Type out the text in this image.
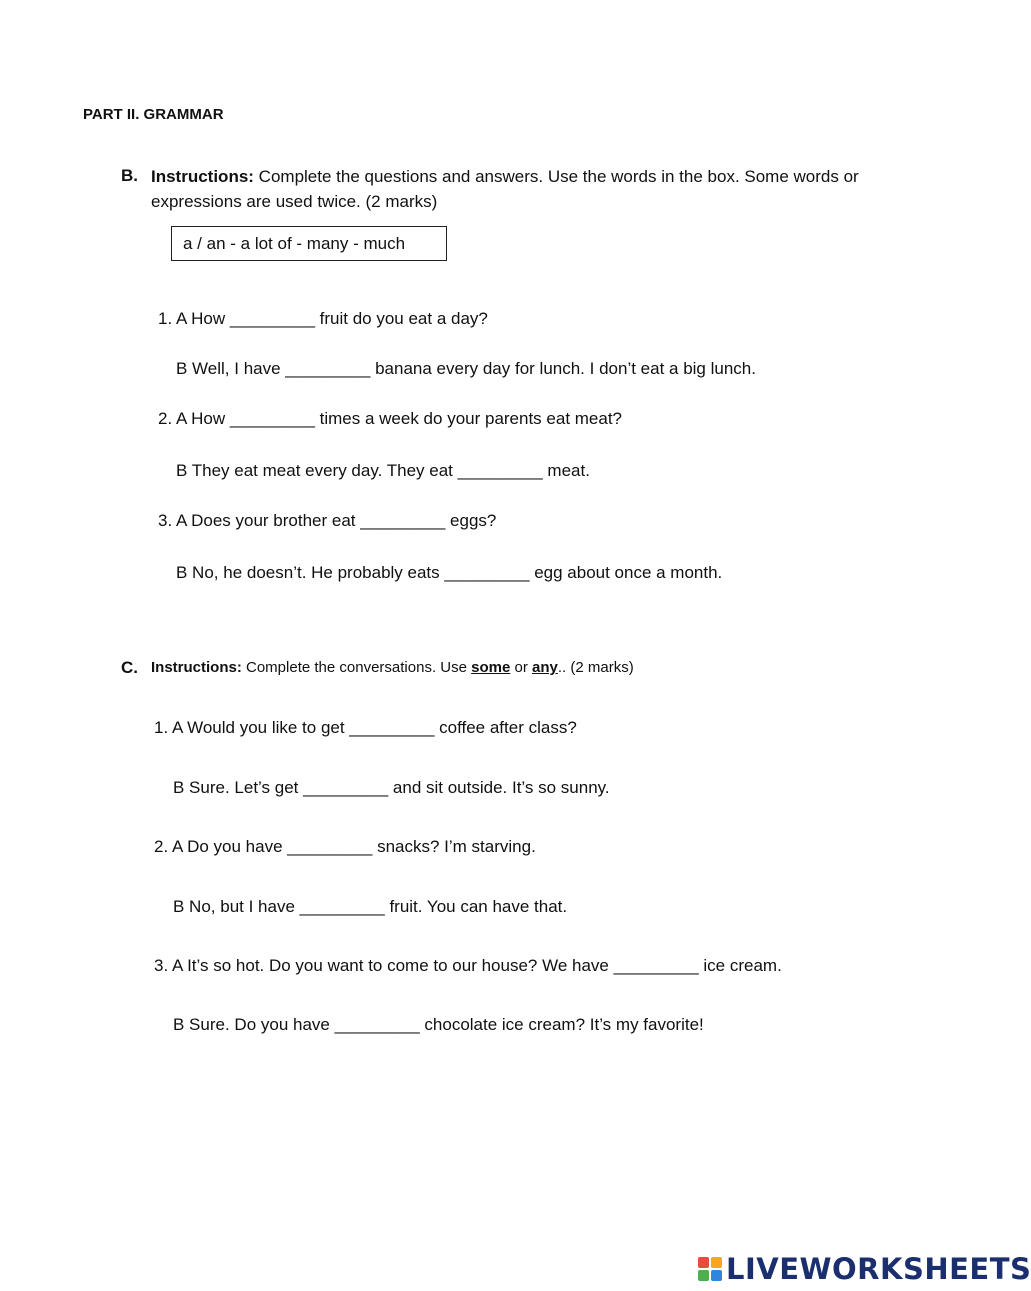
PART II. GRAMMAR
B. Instructions: Complete the questions and answers. Use the words in the box. Some words or
expressions are used twice. (2 marks)
a / an - a lot of - many - much
1. A How _________ fruit do you eat a day?
B Well, I have _________ banana every day for lunch. I don’t eat a big lunch.
2. A How _________ times a week do your parents eat meat?
B They eat meat every day. They eat _________ meat.
3. A Does your brother eat _________ eggs?
B No, he doesn’t. He probably eats _________ egg about once a month.
C. Instructions: Complete the conversations. Use some or any.. (2 marks)
1. A Would you like to get _________ coffee after class?
B Sure. Let’s get _________ and sit outside. It’s so sunny.
2. A Do you have _________ snacks? I’m starving.
B No, but I have _________ fruit. You can have that.
3. A It’s so hot. Do you want to come to our house? We have _________ ice cream.
B Sure. Do you have _________ chocolate ice cream? It’s my favorite!
LIVEWORKSHEETS
